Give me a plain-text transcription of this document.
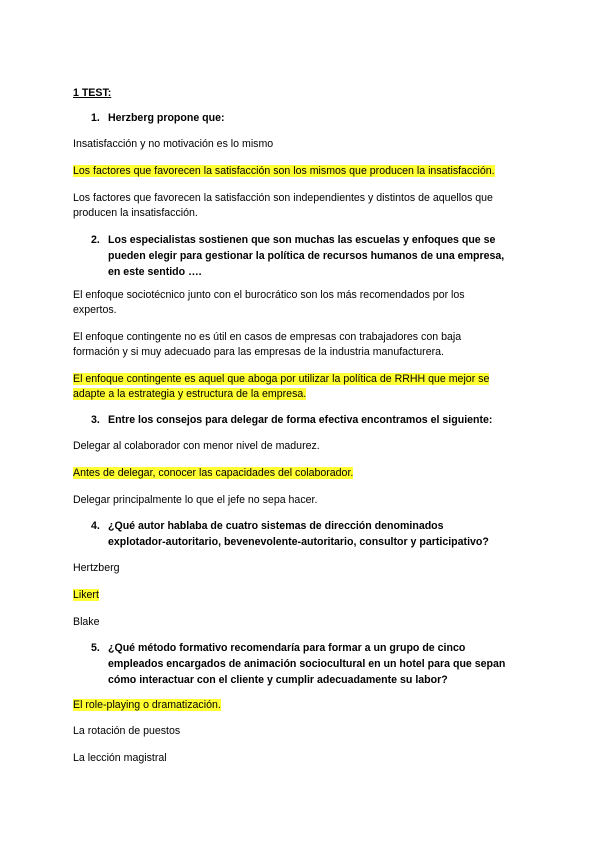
1 TEST:
1. Herzberg propone que:
Insatisfacción y no motivación es lo mismo
Los factores que favorecen la satisfacción son los mismos que producen la insatisfacción.
Los factores que favorecen la satisfacción son independientes y distintos de aquellos que
producen la insatisfacción.
2. Los especialistas sostienen que son muchas las escuelas y enfoques que se
pueden elegir para gestionar la política de recursos humanos de una empresa,
en este sentido ….
El enfoque sociotécnico junto con el burocrático son los más recomendados por los
expertos.
El enfoque contingente no es útil en casos de empresas con trabajadores con baja
formación y si muy adecuado para las empresas de la industria manufacturera.
El enfoque contingente es aquel que aboga por utilizar la política de RRHH que mejor se
adapte a la estrategia y estructura de la empresa.
3. Entre los consejos para delegar de forma efectiva encontramos el siguiente:
Delegar al colaborador con menor nivel de madurez.
Antes de delegar, conocer las capacidades del colaborador.
Delegar principalmente lo que el jefe no sepa hacer.
4. ¿Qué autor hablaba de cuatro sistemas de dirección denominados
explotador-autoritario, bevenevolente-autoritario, consultor y participativo?
Hertzberg
Likert
Blake
5. ¿Qué método formativo recomendaría para formar a un grupo de cinco
empleados encargados de animación sociocultural en un hotel para que sepan
cómo interactuar con el cliente y cumplir adecuadamente su labor?
El role-playing o dramatización.
La rotación de puestos
La lección magistral
